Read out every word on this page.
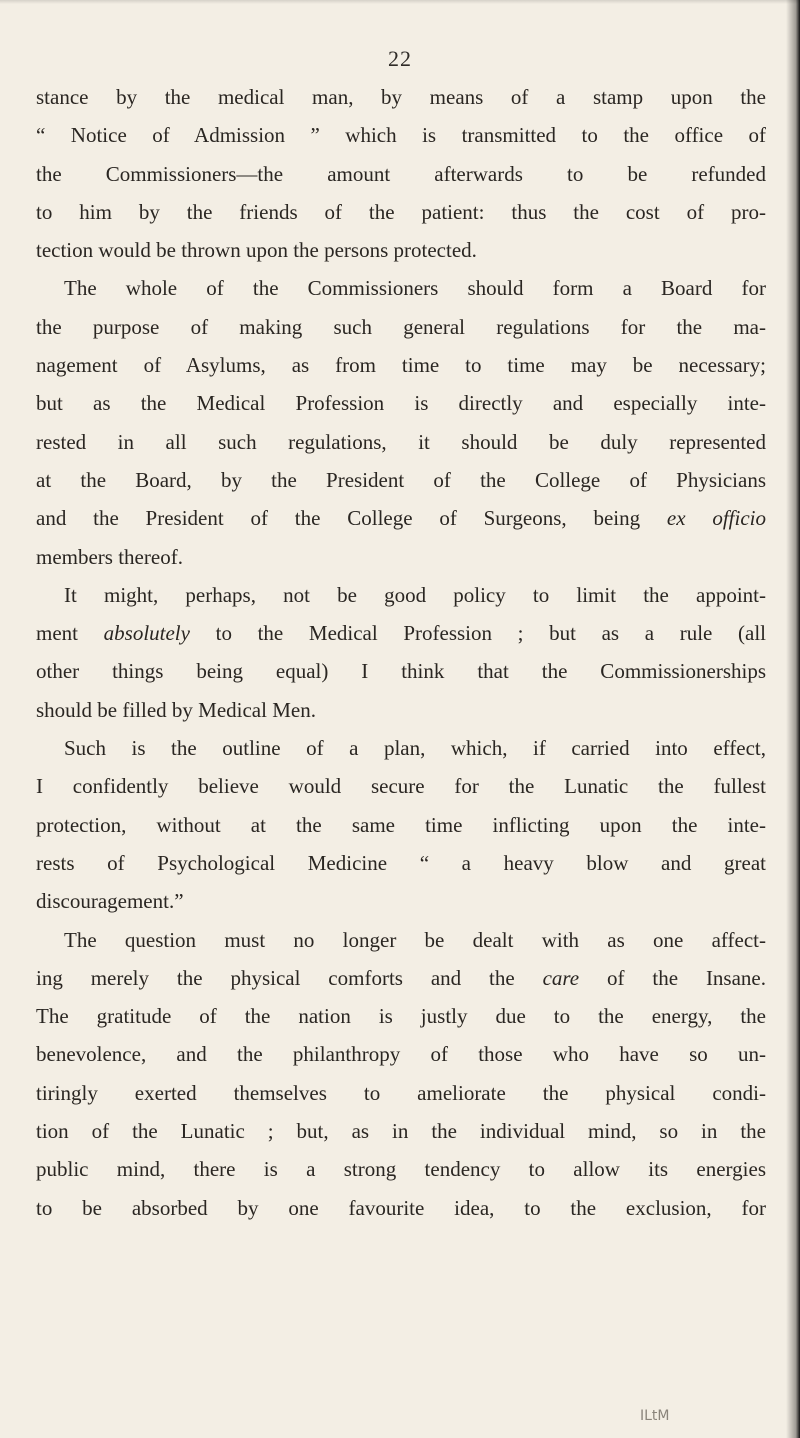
22
stance by the medical man, by means of a stamp upon the
“ Notice of Admission ” which is transmitted to the office of
the Commissioners—the amount afterwards to be refunded
to him by the friends of the patient: thus the cost of pro-
tection would be thrown upon the persons protected.
The whole of the Commissioners should form a Board for
the purpose of making such general regulations for the ma-
nagement of Asylums, as from time to time may be necessary;
but as the Medical Profession is directly and especially inte-
rested in all such regulations, it should be duly represented
at the Board, by the President of the College of Physicians
and the President of the College of Surgeons, being ex officio
members thereof.
It might, perhaps, not be good policy to limit the appoint-
ment absolutely to the Medical Profession ; but as a rule (all
other things being equal) I think that the Commissionerships
should be filled by Medical Men.
Such is the outline of a plan, which, if carried into effect,
I confidently believe would secure for the Lunatic the fullest
protection, without at the same time inflicting upon the inte-
rests of Psychological Medicine “ a heavy blow and great
discouragement.”
The question must no longer be dealt with as one affect-
ing merely the physical comforts and the care of the Insane.
The gratitude of the nation is justly due to the energy, the
benevolence, and the philanthropy of those who have so un-
tiringly exerted themselves to ameliorate the physical condi-
tion of the Lunatic ; but, as in the individual mind, so in the
public mind, there is a strong tendency to allow its energies
to be absorbed by one favourite idea, to the exclusion, for
ILtM
